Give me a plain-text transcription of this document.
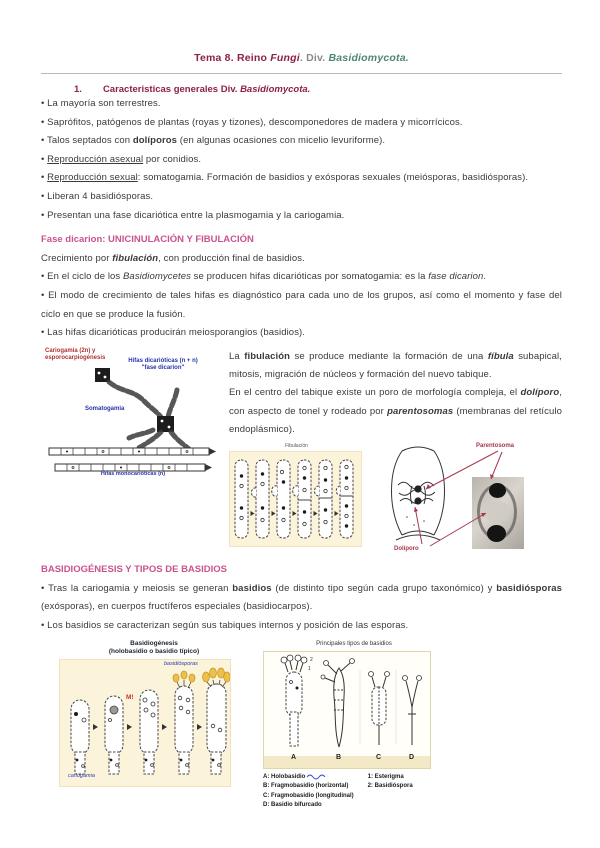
Tema 8. Reino Fungi. Div. Basidiomycota.
1. Caracteristicas generales Div. Basidiomycota.

• La mayoría son terrestres.

• Saprófitos, patógenos de plantas (royas y tizones), descomponedores de madera y micorrícicos.

• Talos septados con dolíporos (en algunas ocasiones con micelio levuriforme).

• Reproducción asexual por conidios.

• Reproducción sexual: somatogamia. Formación de basidios y exósporas sexuales (meiósporas, basidiósporas).

• Liberan 4 basidiósporas.

• Presentan una fase dicariótica entre la plasmogamia y la cariogamia.

Fase dicarion: UNICINULACIÓN Y FIBULACIÓN

Crecimiento por fibulación, con producción final de basidios.

• En el ciclo de los Basidiomycetes se producen hifas dicarióticas por somatogamia: es la fase dicarion.

• El modo de crecimiento de tales hifas es diagnóstico para cada uno de los grupos, así como el momento y fase del ciclo en que se produce la fusión.

• Las hifas dicarióticas producirán meiosporangios (basidios).

Cariogamia (2n) y
esporocarpiogénesis	Hifas dicarióticas (n + n)
"fase dicarion"
Somatogamia
Hifas monocarióticas (n)

La fibulación se produce mediante la formación de una fíbula subapical, mitosis, migración de núcleos y formación del nuevo tabique.

En el centro del tabique existe un poro de morfología compleja, el dolíporo, con aspecto de tonel y rodeado por parentosomas (membranas del retículo endoplásmico).

Fibulación	Parentosoma
Dolíporo

BASIDIOGÉNESIS Y TIPOS DE BASIDIOS

• Tras la cariogamia y meiosis se generan basidios (de distinto tipo según cada grupo taxonómico) y basidiósporas (exósporas), en cuerpos fructíferos especiales (basidiocarpos).

• Los basidios se caracterizan según sus tabiques internos y posición de las esporas.

Basidiogénesis
(holobasidio o basidio típico)
M!
basidiósporas
cariogamia
Principales tipos de basidios
2
1
A	B	C	D

A: Holobasidio

B: Fragmobasidio (horizontal)

C: Fragmobasidio (longitudinal)

D: Basidio bifurcado

1: Esterigma

2: Basidióspora
